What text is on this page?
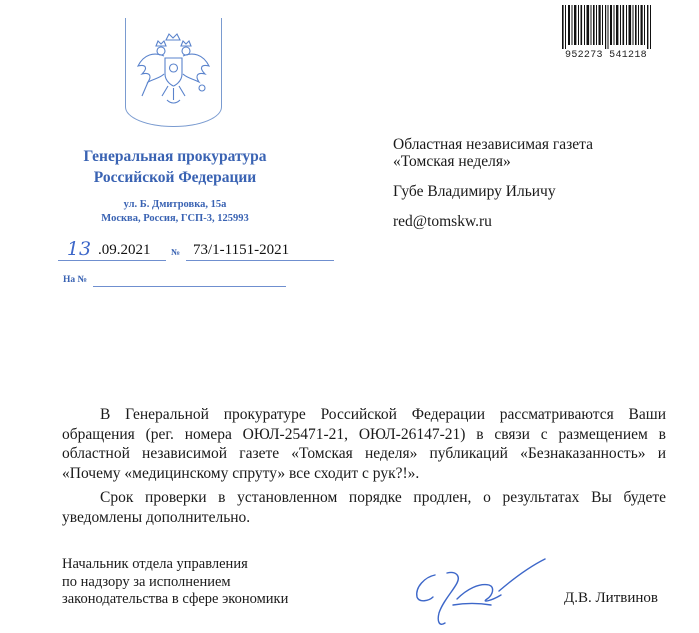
Генеральная прокуратура
Российской Федерации
ул. Б. Дмитровка, 15а
Москва, Россия, ГСП-3, 125993
13 .09.2021 № 73/1-1151-2021
На №
952273 541218
Областная независимая газета
«Томская неделя»
Губе Владимиру Ильичу
red@tomskw.ru

В Генеральной прокуратуре Российской Федерации рассматриваются Ваши обращения (рег. номера ОЮЛ-25471-21, ОЮЛ-26147-21) в связи с размещением в областной независимой газете «Томская неделя» публикаций «Безнаказанность» и «Почему «медицинскому спруту» все сходит с рук?!».

Срок проверки в установленном порядке продлен, о результатах Вы будете уведомлены дополнительно.

Начальник отдела управления
по надзору за исполнением
законодательства в сфере экономики	Д.В. Литвинов
